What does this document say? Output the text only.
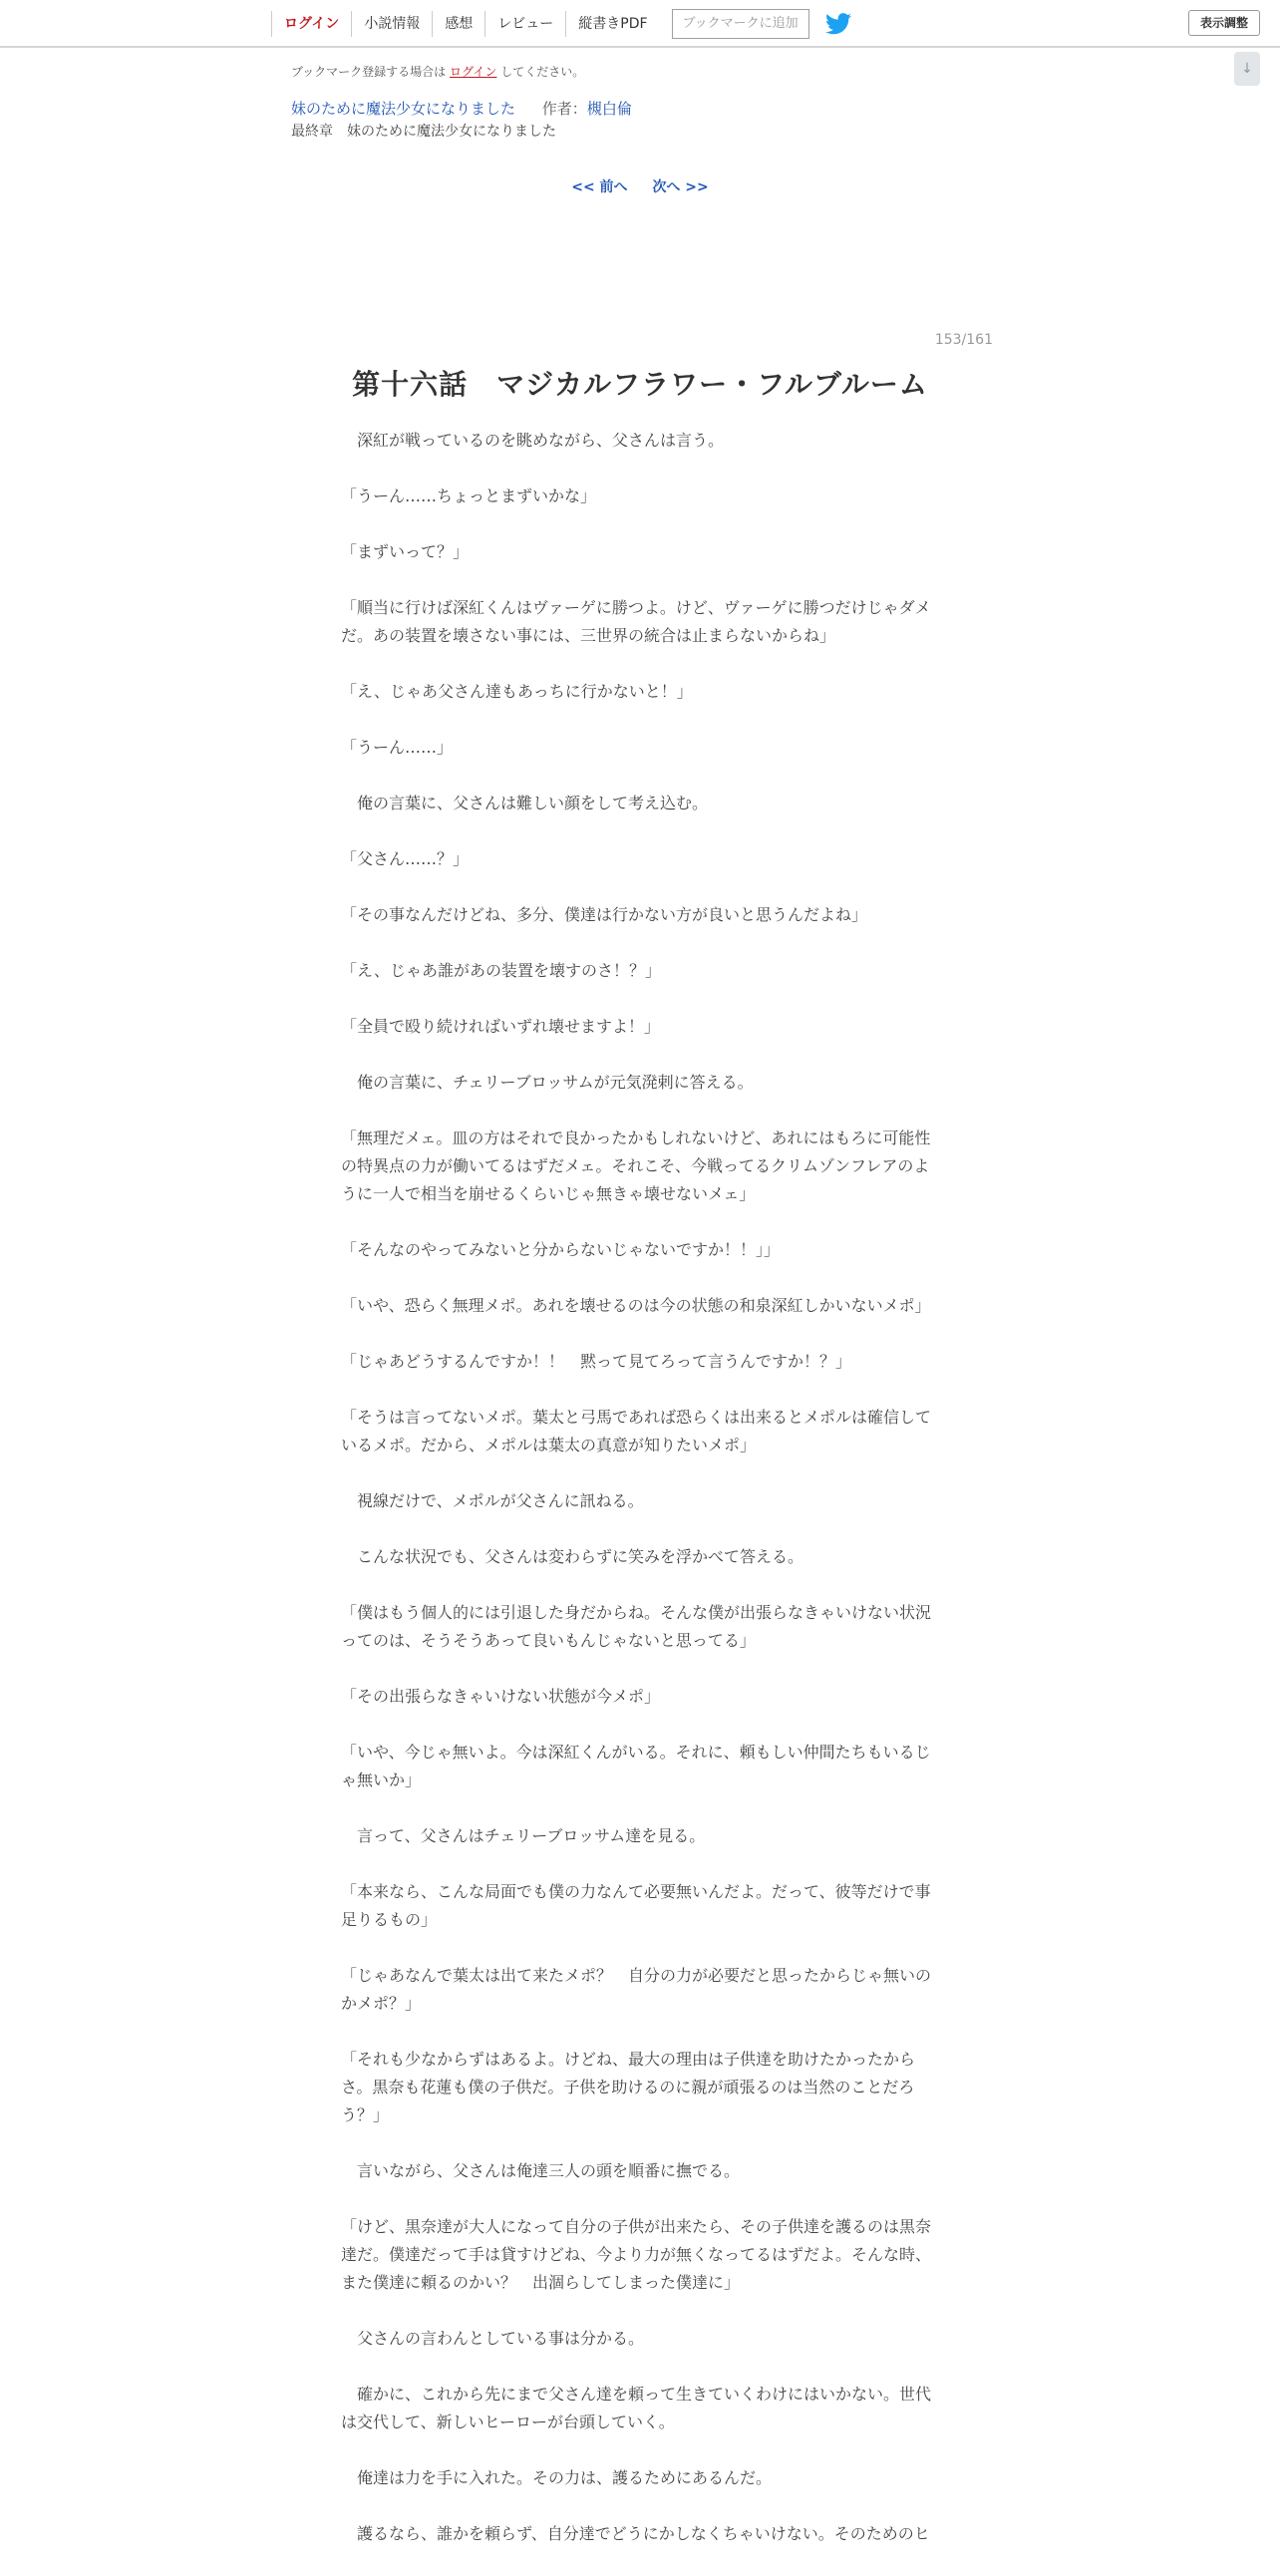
ログイン	小説情報	感想	レビュー	縦書きPDF	ブックマークに追加	表示調整
↓
ブックマーク登録する場合は ログイン してください。
妹のために魔法少女になりました 作者：槻白倫
最終章　妹のために魔法少女になりました
<< 前へ 次へ >>
153/161
第十六話　マジカルフラワー・フルブルーム

　深紅が戦っているのを眺めながら、父さんは言う。

「うーん……ちょっとまずいかな」

「まずいって？」

「順当に行けば深紅くんはヴァーゲに勝つよ。けど、ヴァーゲに勝つだけじゃダメだ。あの装置を壊さない事には、三世界の統合は止まらないからね」

「え、じゃあ父さん達もあっちに行かないと！」

「うーん……」

　俺の言葉に、父さんは難しい顔をして考え込む。

「父さん……？」

「その事なんだけどね、多分、僕達は行かない方が良いと思うんだよね」

「え、じゃあ誰があの装置を壊すのさ！？」

「全員で殴り続ければいずれ壊せますよ！」

　俺の言葉に、チェリーブロッサムが元気溌剌に答える。

「無理だメェ。皿の方はそれで良かったかもしれないけど、あれにはもろに可能性の特異点の力が働いてるはずだメェ。それこそ、今戦ってるクリムゾンフレアのように一人で相当を崩せるくらいじゃ無きゃ壊せないメェ」

「そんなのやってみないと分からないじゃないですか！！」」

「いや、恐らく無理メポ。あれを壊せるのは今の状態の和泉深紅しかいないメポ」

「じゃあどうするんですか！！　黙って見てろって言うんですか！？」

「そうは言ってないメポ。葉太と弓馬であれば恐らくは出来るとメポルは確信しているメポ。だから、メポルは葉太の真意が知りたいメポ」

　視線だけで、メポルが父さんに訊ねる。

　こんな状況でも、父さんは変わらずに笑みを浮かべて答える。

「僕はもう個人的には引退した身だからね。そんな僕が出張らなきゃいけない状況ってのは、そうそうあって良いもんじゃないと思ってる」

「その出張らなきゃいけない状態が今メポ」

「いや、今じゃ無いよ。今は深紅くんがいる。それに、頼もしい仲間たちもいるじゃ無いか」

　言って、父さんはチェリーブロッサム達を見る。

「本来なら、こんな局面でも僕の力なんて必要無いんだよ。だって、彼等だけで事足りるもの」

「じゃあなんで葉太は出て来たメポ？　自分の力が必要だと思ったからじゃ無いのかメポ？」

「それも少なからずはあるよ。けどね、最大の理由は子供達を助けたかったからさ。黒奈も花蓮も僕の子供だ。子供を助けるのに親が頑張るのは当然のことだろう？」

　言いながら、父さんは俺達三人の頭を順番に撫でる。

「けど、黒奈達が大人になって自分の子供が出来たら、その子供達を護るのは黒奈達だ。僕達だって手は貸すけどね、今より力が無くなってるはずだよ。そんな時、また僕達に頼るのかい？　出涸らしてしまった僕達に」

　父さんの言わんとしている事は分かる。

　確かに、これから先にまで父さん達を頼って生きていくわけにはいかない。世代は交代して、新しいヒーローが台頭していく。

　俺達は力を手に入れた。その力は、護るためにあるんだ。

　護るなら、誰かを頼らず、自分達でどうにかしなくちゃいけない。そのためのヒ
